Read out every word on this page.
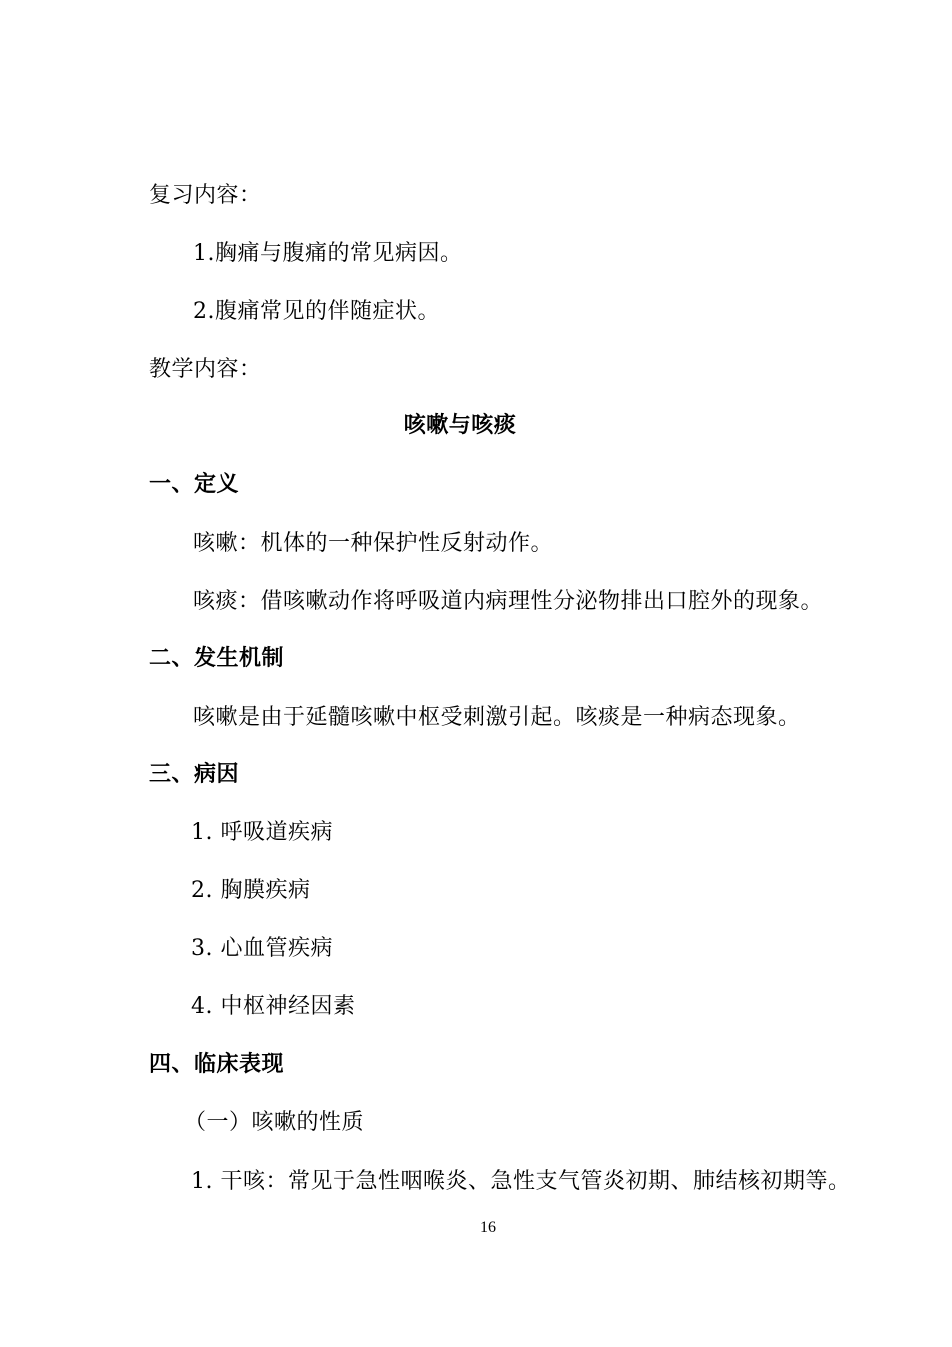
复习内容：
1.胸痛与腹痛的常见病因。
2.腹痛常见的伴随症状。
教学内容：
咳嗽与咳痰
一、定义
咳嗽：机体的一种保护性反射动作。
咳痰：借咳嗽动作将呼吸道内病理性分泌物排出口腔外的现象。
二、发生机制
咳嗽是由于延髓咳嗽中枢受刺激引起。咳痰是一种病态现象。
三、病因
1. 呼吸道疾病
2. 胸膜疾病
3. 心血管疾病
4. 中枢神经因素
四、临床表现
（一）咳嗽的性质
1. 干咳：常见于急性咽喉炎、急性支气管炎初期、肺结核初期等。
16
